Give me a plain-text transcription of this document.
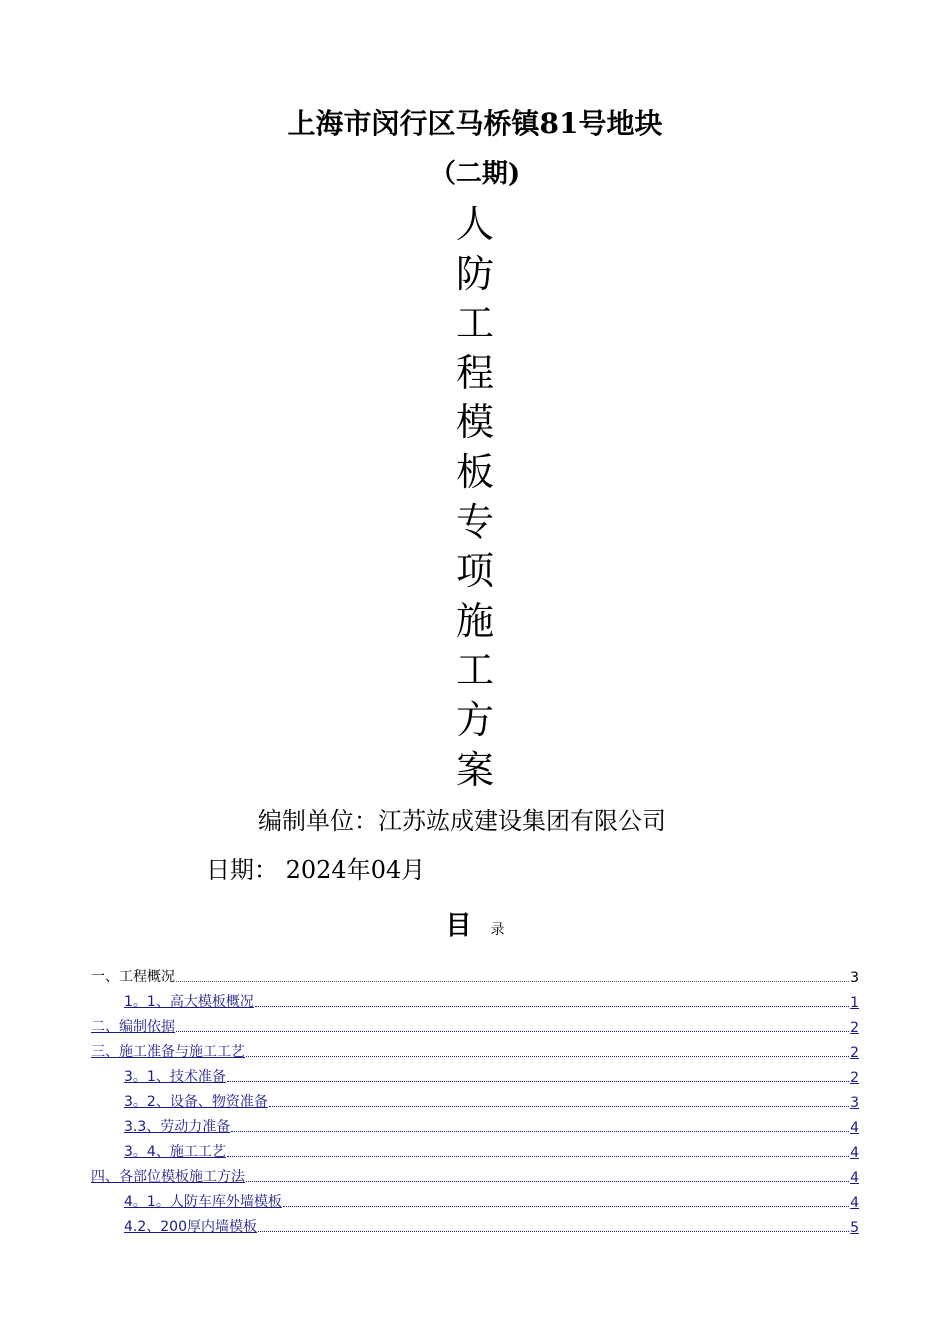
上海市闵行区马桥镇81号地块
（二期)
人
防
工
程
模
板
专
项
施
工
方
案
编制单位：江苏竑成建设集团有限公司
日期： 2024年04月
目 录
一、工程概况	3
1。1、高大模板概况	1
二、编制依据	2
三、施工准备与施工工艺	2
3。1、技术准备	2
3。2、设备、物资准备	3
3.3、劳动力准备	4
3。4、施工工艺	4
四、各部位模板施工方法	4
4。1。人防车库外墙模板	4
4.2、200厚内墙模板	5
